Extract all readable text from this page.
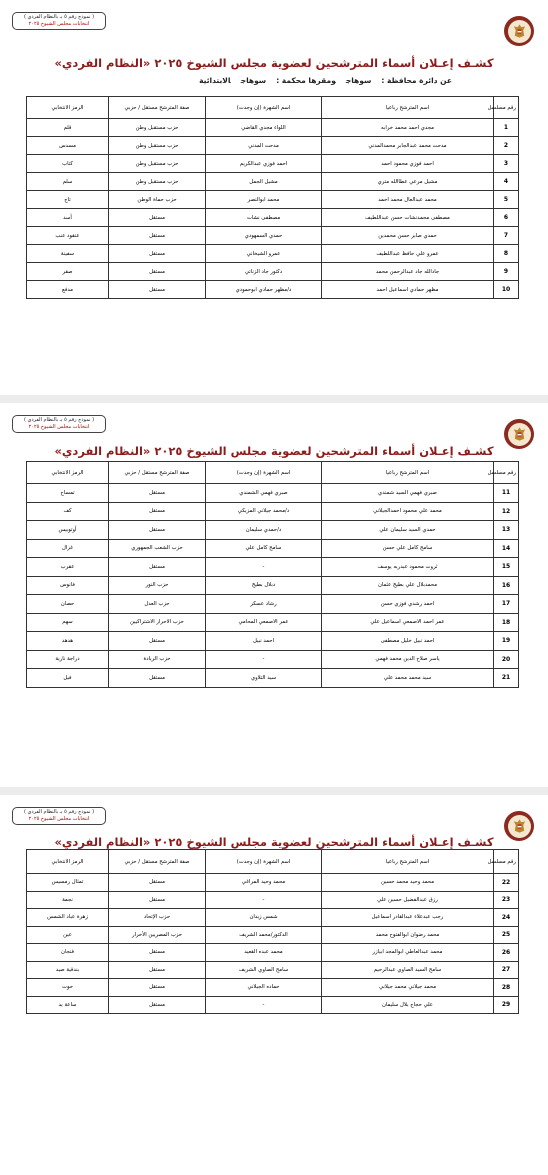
( نموذج رقم ٥ بـ بالنظام الفردي )
انتخابات مجلس الشيوخ ٢٠٢٥
كشـف إعـلان أسماء المترشحين لعضوية مجلس الشيوخ ٢٠٢٥ «النظام الفردي»
عن دائرة محافظة :سوهاجومقرها محكمة :سوهاجالابتدائية
رقم مسلسل	اسم المترشح رباعيا	اسم الشهرة (إن وجدت)	صفة المترشح مستقل / حزبي	الرمز الانتخابي
1	مجدي احمد محمد خرابه	اللواء مجدي القاضي	حزب مستقبل وطن	قلم
2	مدحت محمد عبدالجابر محمدالمدني	مدحت المدني	حزب مستقبل وطن	مسدس
3	احمد فوزي محمود احمد	احمد فوزي عبدالكريم	حزب مستقبل وطن	كتاب
4	مشيل مرعي عطاالله متري	مشيل الجمل	حزب مستقبل وطن	سلم
5	محمد عبدالعال محمد احمد	محمد ابوالنصر	حزب حماة الوطن	تاج
6	مصطفى محمدنشات حسن عبداللطيف	مصطفى نشات	مستقل	أسد
7	حمدي صابر حسن محمدين	حمدي السمهودي	مستقل	عنقود عنب
8	عمرو علي حافظ عبداللطيف	عمرو الشيخاني	مستقل	سفينة
9	جادالله جاد عبدالرحمن محمد	دكتور جاد الزناتي	مستقل	صقر
10	مظهر حمادي اسماعيل احمد	د/مظهر حمادي ابوحمودي	مستقل	مدفع
( نموذج رقم ٥ بـ بالنظام الفردي )
انتخابات مجلس الشيوخ ٢٠٢٥
كشـف إعـلان أسماء المترشحين لعضوية مجلس الشيوخ ٢٠٢٥ «النظام الفردي»
رقم مسلسل	اسم المترشح رباعيا	اسم الشهرة (إن وجدت)	صفة المترشح مستقل / حزبي	الرمز الانتخابي
11	صبري فهمي السيد شمندي	صبري فهمي الشمندي	مستقل	تمساح
12	محمد علي محمود احمدالجيلاني	د/محمد جيلاني المزيكي	مستقل	كف
13	حمدي السيد سليمان علي	د/حمدي سليمان	مستقل	أوتوبيس
14	سامح كامل علي حسن	سامح كامل علي	حزب الشعب الجمهوري	غزال
15	ثروت محمود عبدربه يوسف	-	مستقل	عقرب
16	محمدبلال علي بطيخ عثمان	دبلال بطيخ	حزب النور	فانوس
17	احمد رشدي فوزي حسن	رشاد عسكر	حزب العدل	حصان
18	عمر احمد الاصمعي اسماعيل علي	عمر الاصمعي المحامي	حزب الاحرار الاشتراكيين	سهم
19	احمد نبيل خليل مصطفى	احمد نبيل	مستقل	هدهد
20	ياسر صلاح الدين محمد فهمي	-	حزب الريادة	دراجة نارية
21	سيد محمد محمد علي	سيد التلاوي	مستقل	فيل
( نموذج رقم ٥ بـ بالنظام الفردي )
انتخابات مجلس الشيوخ ٢٠٢٥
كشـف إعـلان أسماء المترشحين لعضوية مجلس الشيوخ ٢٠٢٥ «النظام الفردي»
رقم مسلسل	اسم المترشح رباعيا	اسم الشهرة (إن وجدت)	صفة المترشح مستقل / حزبي	الرمز الانتخابي
22	محمد وحيد محمد حسين	محمد وحيد المراغي	مستقل	تمثال رمسيس
23	رزق عبدالفضيل حسين علي	-	مستقل	نجمة
24	رجب عبدعلاء عبدالقادر اسماعيل	شمس زيدان	حزب الإتحاد	زهرة عباد الشمس
25	محمد رضوان ابوالفتوح محمد	الدكتور/محمد الشريف	حزب المصريين الأحرار	عين
26	محمد عبدالعاطي ابوالمجد ابيازر	محمد عبده القعيد	مستقل	فنجان
27	سامح السيد الصاوي عبدالرحيم	سامح الصاوي الشريف	مستقل	بندقية صيد
28	محمد جيلاني محمد جيلاني	حماده الجيلاني	مستقل	حوت
29	علي حجاج بلال سليمان	-	مستقل	ساعة يد
